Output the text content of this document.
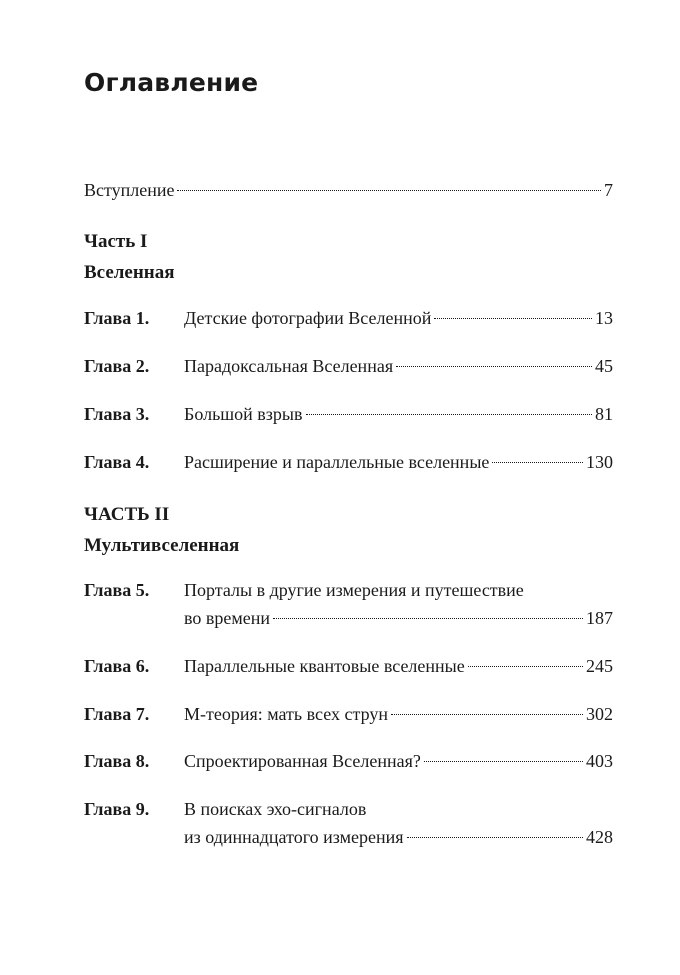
Оглавление
Вступление	7
Часть I
Вселенная
Глава 1. Детские фотографии Вселенной	13
Глава 2. Парадоксальная Вселенная	45
Глава 3. Большой взрыв	81
Глава 4. Расширение и параллельные вселенные	130
ЧАСТЬ II
Мультивселенная
Глава 5. Порталы в другие измерения и путешествие
во времени	187
Глава 6. Параллельные квантовые вселенные	245
Глава 7. М-теория: мать всех струн	302
Глава 8. Спроектированная Вселенная?	403
Глава 9. В поисках эхо-сигналов
из одиннадцатого измерения	428
